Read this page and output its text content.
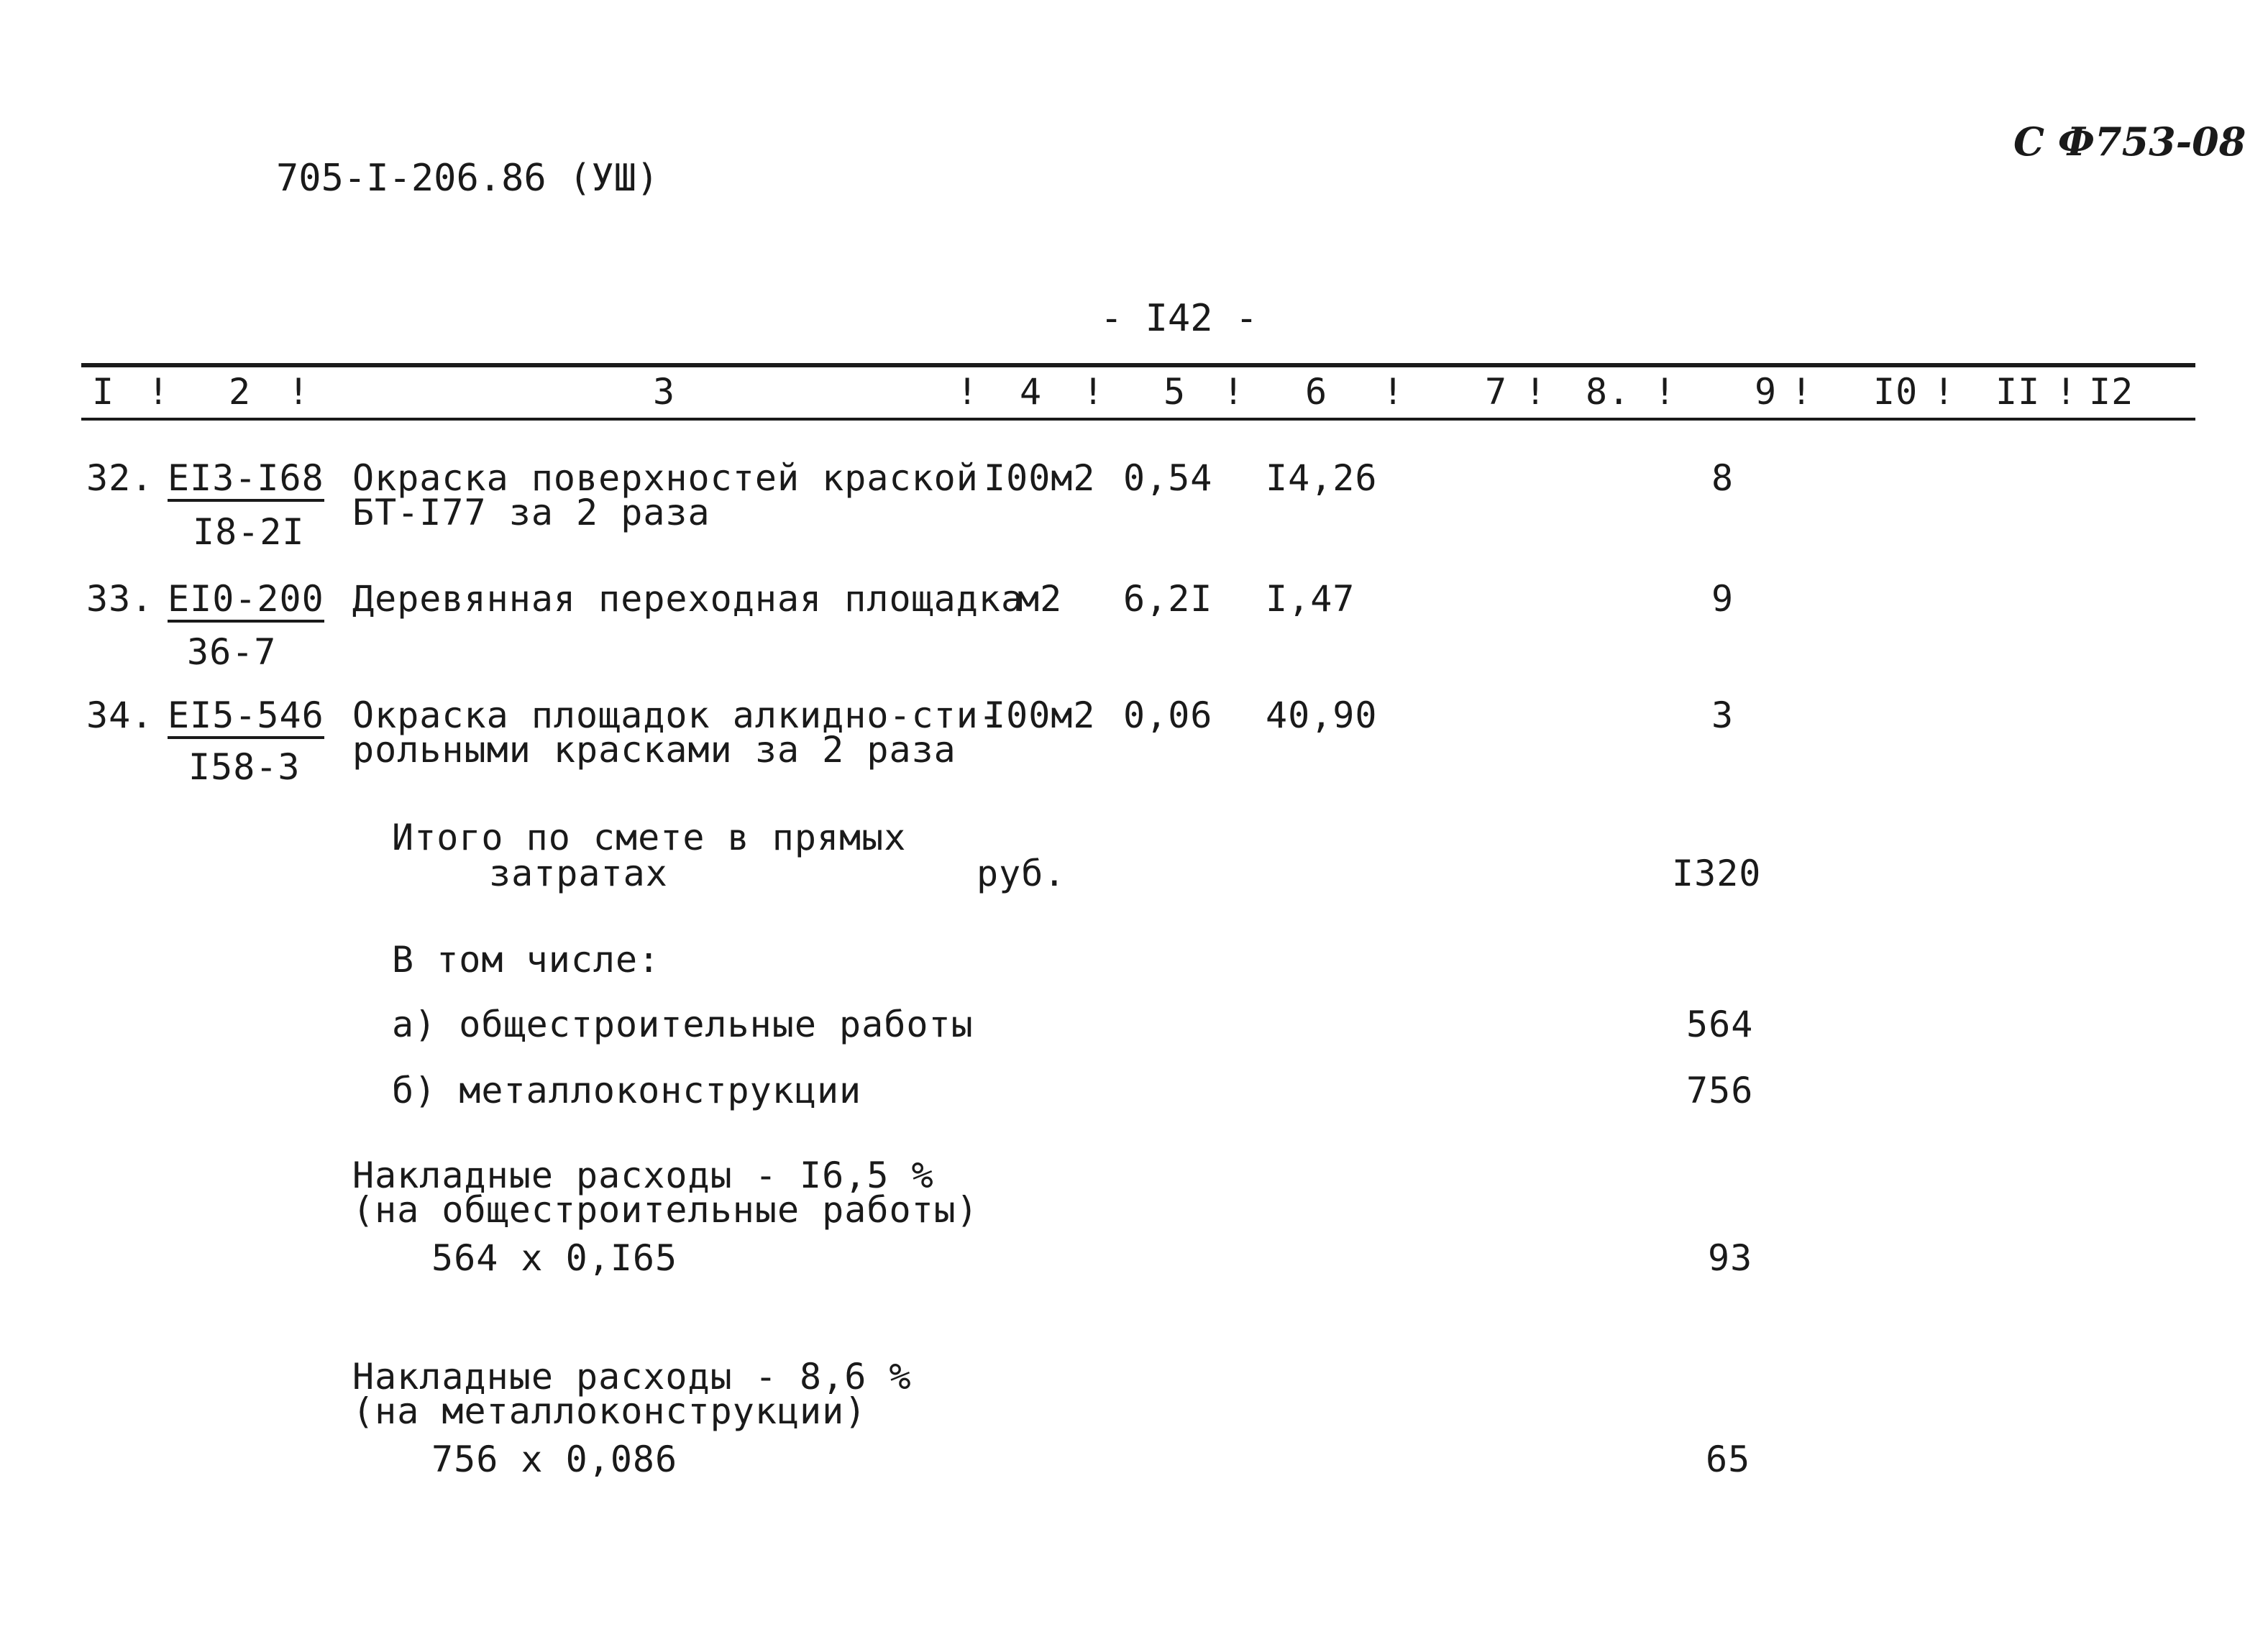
705-I-206.86 (УШ)
С Ф753-08
- I42 -
I ! 2 !	3	! 4 ! 5 ! 6 ! 7 ! 8. ! 9 ! I0 ! II ! I2
32. EI3-I68
I8-2I
Окраска поверхностей краской
БТ-I77 за 2 раза
I00м2 0,54 I4,26	8
33. EI0-200
36-7
Деревянная переходная площадка
м2 6,2I I,47	9
34. EI5-546
I58-3
Окраска площадок алкидно-сти-
рольными красками за 2 раза
I00м2 0,06 40,90	3
Итого по смете в прямых
затратах	руб.	I320
В том числе:
а) общестроительные работы	564
б) металлоконструкции	756
Накладные расходы - I6,5 %
(на общестроительные работы)
564 x 0,I65	93
Накладные расходы - 8,6 %
(на металлоконструкции)
756 x 0,086	65
